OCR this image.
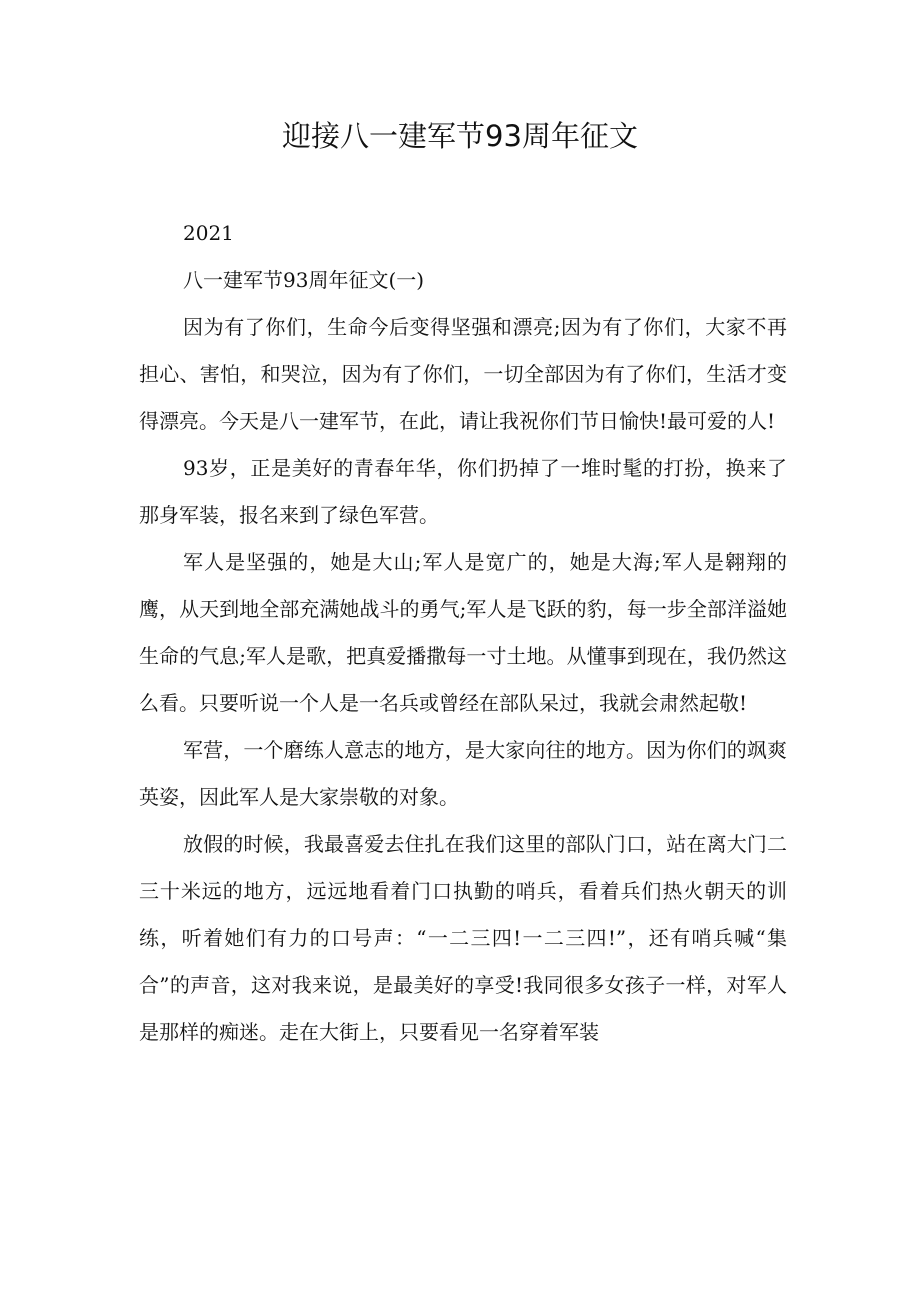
迎接八一建军节93周年征文

2021

八一建军节93周年征文(一)

因为有了你们，生命今后变得坚强和漂亮;因为有了你们，大家不再担心、害怕，和哭泣，因为有了你们，一切全部因为有了你们，生活才变得漂亮。今天是八一建军节，在此，请让我祝你们节日愉快!最可爱的人!

93岁，正是美好的青春年华，你们扔掉了一堆时髦的打扮，换来了那身军装，报名来到了绿色军营。

军人是坚强的，她是大山;军人是宽广的，她是大海;军人是翱翔的鹰，从天到地全部充满她战斗的勇气;军人是飞跃的豹，每一步全部洋溢她生命的气息;军人是歌，把真爱播撒每一寸土地。从懂事到现在，我仍然这么看。只要听说一个人是一名兵或曾经在部队呆过，我就会肃然起敬!

军营，一个磨练人意志的地方，是大家向往的地方。因为你们的飒爽英姿，因此军人是大家崇敬的对象。

放假的时候，我最喜爱去住扎在我们这里的部队门口，站在离大门二三十米远的地方，远远地看着门口执勤的哨兵，看着兵们热火朝天的训练，听着她们有力的口号声：“一二三四!一二三四!”，还有哨兵喊“集合”的声音，这对我来说，是最美好的享受!我同很多女孩子一样，对军人是那样的痴迷。走在大街上，只要看见一名穿着军装
